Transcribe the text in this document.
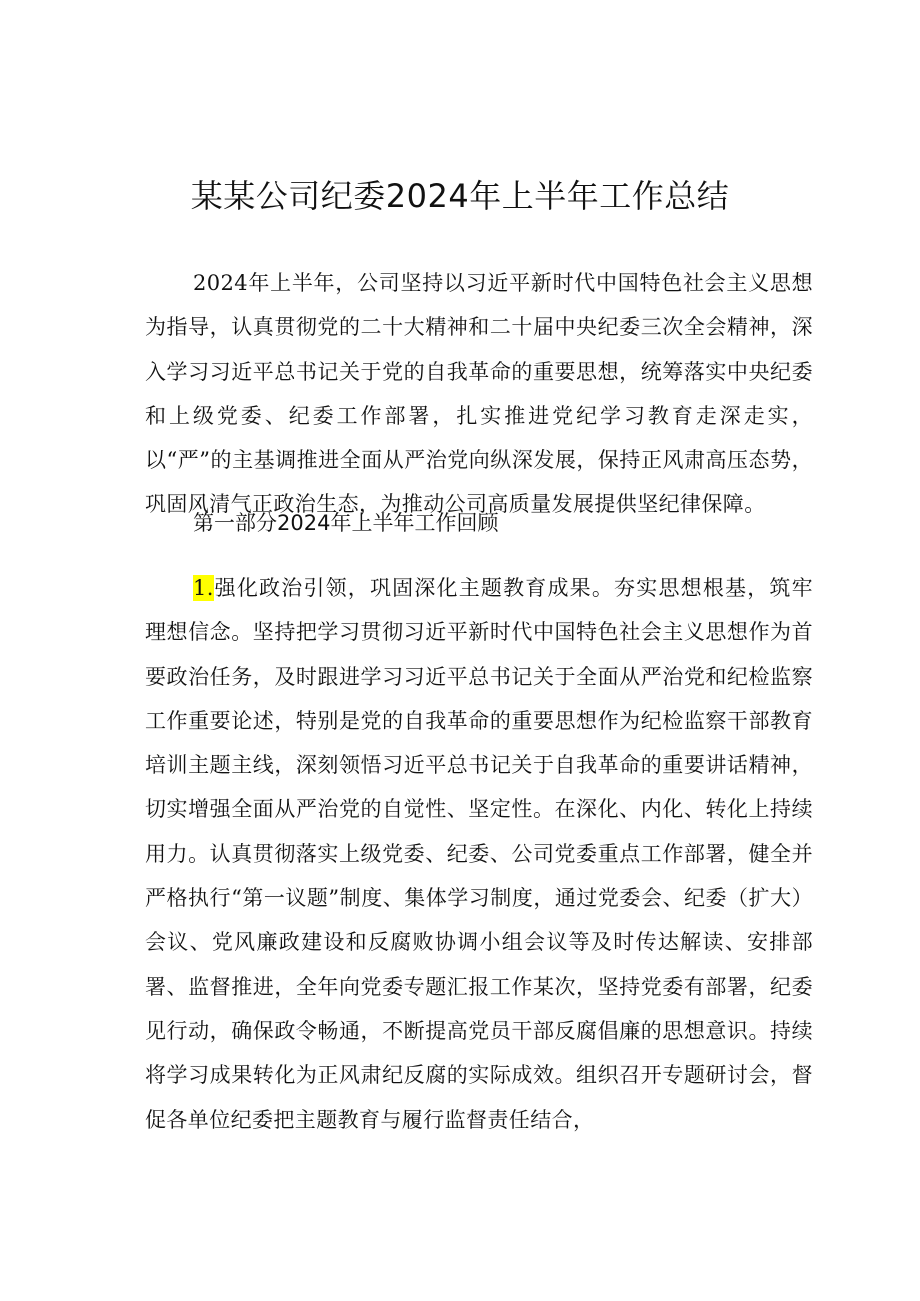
某某公司纪委2024年上半年工作总结

2024年上半年，公司坚持以习近平新时代中国特色社会主义思想为指导，认真贯彻党的二十大精神和二十届中央纪委三次全会精神，深入学习习近平总书记关于党的自我革命的重要思想，统筹落实中央纪委和上级党委、纪委工作部署，扎实推进党纪学习教育走深走实，以“严”的主基调推进全面从严治党向纵深发展，保持正风肃高压态势，巩固风清气正政治生态，为推动公司高质量发展提供坚纪律保障。

第一部分2024年上半年工作回顾

1.强化政治引领，巩固深化主题教育成果。夯实思想根基，筑牢理想信念。坚持把学习贯彻习近平新时代中国特色社会主义思想作为首要政治任务，及时跟进学习习近平总书记关于全面从严治党和纪检监察工作重要论述，特别是党的自我革命的重要思想作为纪检监察干部教育培训主题主线，深刻领悟习近平总书记关于自我革命的重要讲话精神，切实增强全面从严治党的自觉性、坚定性。在深化、内化、转化上持续用力。认真贯彻落实上级党委、纪委、公司党委重点工作部署，健全并严格执行“第一议题”制度、集体学习制度，通过党委会、纪委（扩大）会议、党风廉政建设和反腐败协调小组会议等及时传达解读、安排部署、监督推进，全年向党委专题汇报工作某次，坚持党委有部署，纪委见行动，确保政令畅通，不断提高党员干部反腐倡廉的思想意识。持续将学习成果转化为正风肃纪反腐的实际成效。组织召开专题研讨会，督促各单位纪委把主题教育与履行监督责任结合，
